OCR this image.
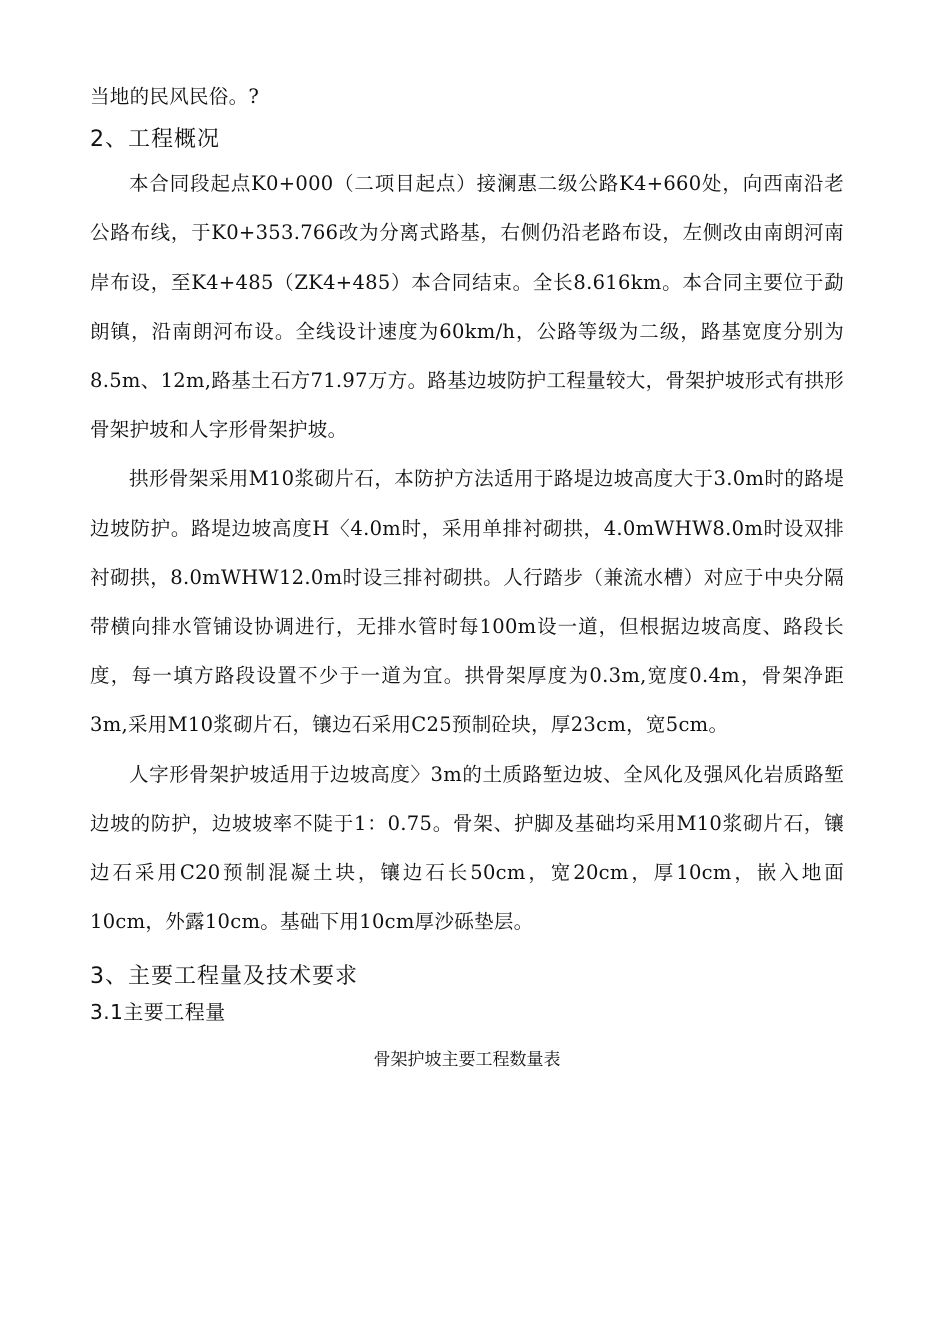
当地的民风民俗。?

2、工程概况

本合同段起点K0+000（二项目起点）接澜惠二级公路K4+660处，向西南沿老公路布线，于K0+353.766改为分离式路基，右侧仍沿老路布设，左侧改由南朗河南岸布设，至K4+485（ZK4+485）本合同结束。全长8.616km。本合同主要位于勐朗镇，沿南朗河布设。全线设计速度为60km/h，公路等级为二级，路基宽度分别为8.5m、12m,路基土石方71.97万方。路基边坡防护工程量较大，骨架护坡形式有拱形骨架护坡和人字形骨架护坡。

拱形骨架采用M10浆砌片石，本防护方法适用于路堤边坡高度大于3.0m时的路堤边坡防护。路堤边坡高度H〈4.0m时，采用单排衬砌拱，4.0mWHW8.0m时设双排衬砌拱，8.0mWHW12.0m时设三排衬砌拱。人行踏步（兼流水槽）对应于中央分隔带横向排水管铺设协调进行，无排水管时每100m设一道，但根据边坡高度、路段长度，每一填方路段设置不少于一道为宜。拱骨架厚度为0.3m,宽度0.4m，骨架净距3m,采用M10浆砌片石，镶边石采用C25预制砼块，厚23cm，宽5cm。

人字形骨架护坡适用于边坡高度〉3m的土质路堑边坡、全风化及强风化岩质路堑边坡的防护，边坡坡率不陡于1：0.75。骨架、护脚及基础均采用M10浆砌片石，镶边石采用C20预制混凝土块，镶边石长50cm，宽20cm，厚10cm，嵌入地面10cm，外露10cm。基础下用10cm厚沙砾垫层。

3、主要工程量及技术要求
3.1主要工程量

骨架护坡主要工程数量表
